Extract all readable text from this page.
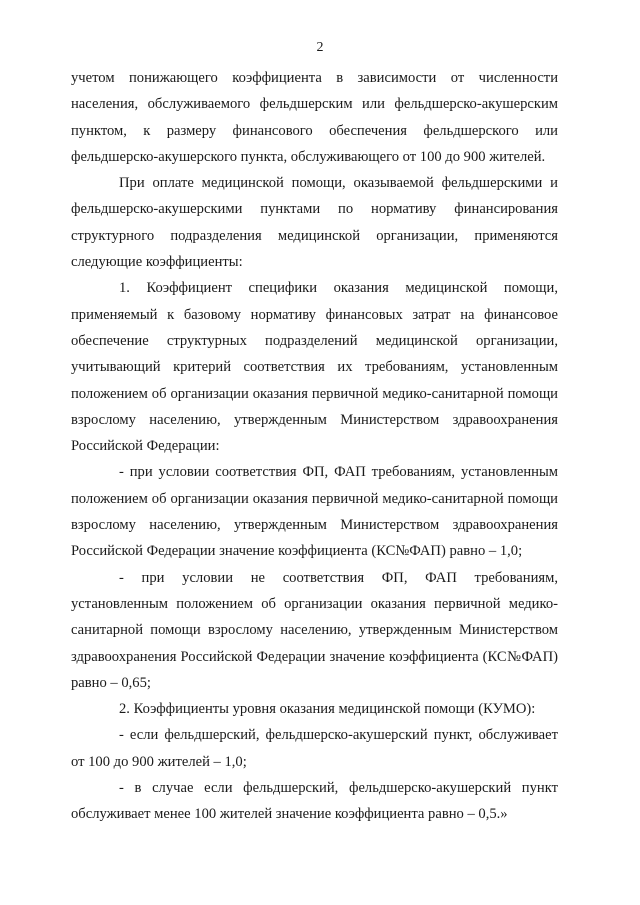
2

учетом понижающего коэффициента в зависимости от численности населения, обслуживаемого фельдшерским или фельдшерско-акушерским пунктом, к размеру финансового обеспечения фельдшерского или фельдшерско-акушерского пункта, обслуживающего от 100 до 900 жителей.

При оплате медицинской помощи, оказываемой фельдшерскими и фельдшерско-акушерскими пунктами по нормативу финансирования структурного подразделения медицинской организации, применяются следующие коэффициенты:

1. Коэффициент специфики оказания медицинской помощи, применяемый к базовому нормативу финансовых затрат на финансовое обеспечение структурных подразделений медицинской организации, учитывающий критерий соответствия их требованиям, установленным положением об организации оказания первичной медико-санитарной помощи взрослому населению, утвержденным Министерством здравоохранения Российской Федерации:

- при условии соответствия ФП, ФАП требованиям, установленным положением об организации оказания первичной медико-санитарной помощи взрослому населению, утвержденным Министерством здравоохранения Российской Федерации значение коэффициента (КС№ФАП) равно – 1,0;

- при условии не соответствия ФП, ФАП требованиям, установленным положением об организации оказания первичной медико-санитарной помощи взрослому населению, утвержденным Министерством здравоохранения Российской Федерации значение коэффициента (КС№ФАП) равно – 0,65;

2. Коэффициенты уровня оказания медицинской помощи (КУМО):

- если фельдшерский, фельдшерско-акушерский пункт, обслуживает от 100 до 900 жителей – 1,0;

- в случае если фельдшерский, фельдшерско-акушерский пункт обслуживает менее 100 жителей значение коэффициента равно – 0,5.»
